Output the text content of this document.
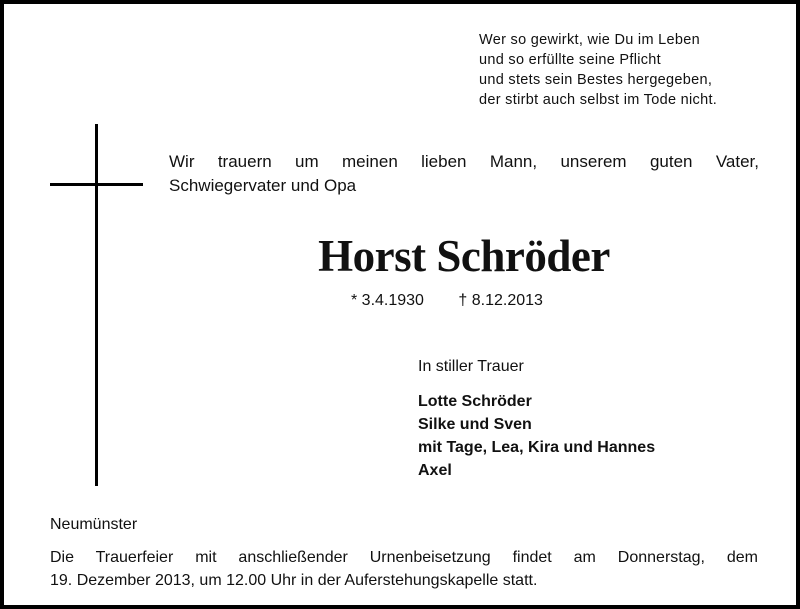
Wer so gewirkt, wie Du im Leben
und so erfüllte seine Pflicht
und stets sein Bestes hergegeben,
der stirbt auch selbst im Tode nicht.
Wir trauern um meinen lieben Mann, unserem guten Vater,
Schwiegervater und Opa
Horst Schröder
* 3.4.1930 † 8.12.2013
In stiller Trauer
Lotte Schröder
Silke und Sven
mit Tage, Lea, Kira und Hannes
Axel
Neumünster
Die Trauerfeier mit anschließender Urnenbeisetzung findet am Donnerstag, dem
19. Dezember 2013, um 12.00 Uhr in der Auferstehungskapelle statt.
